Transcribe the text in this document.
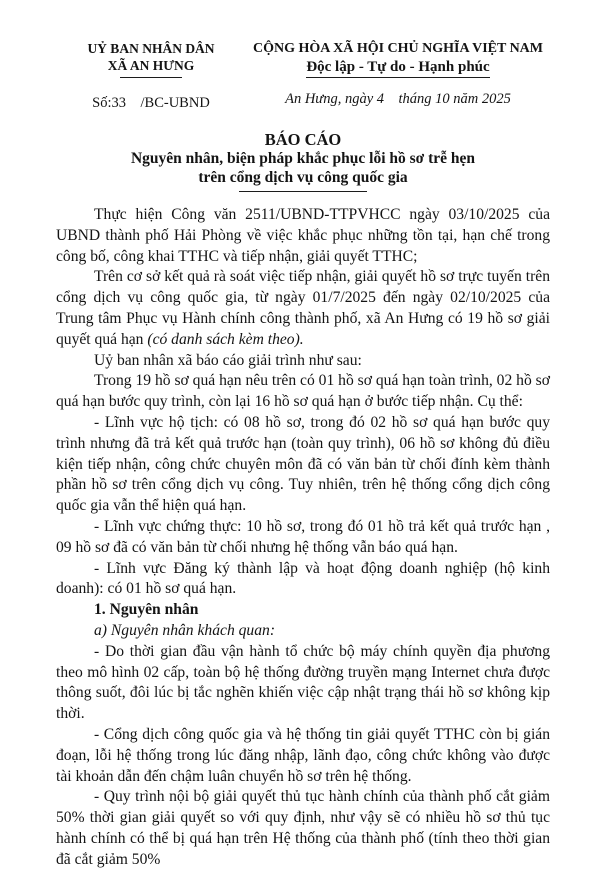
UỶ BAN NHÂN DÂN
XÃ AN HƯNG
Số:33    /BC-UBND
CỘNG HÒA XÃ HỘI CHỦ NGHĨA VIỆT NAM
Độc lập - Tự do - Hạnh phúc
An Hưng, ngày 4    tháng 10 năm 2025
BÁO CÁO
Nguyên nhân, biện pháp khắc phục lỗi hồ sơ trễ hẹn
trên cổng dịch vụ công quốc gia

Thực hiện Công văn 2511/UBND-TTPVHCC ngày 03/10/2025 của UBND thành phố Hải Phòng về việc khắc phục những tồn tại, hạn chế trong công bố, công khai TTHC và tiếp nhận, giải quyết TTHC;

Trên cơ sở kết quả rà soát việc tiếp nhận, giải quyết hồ sơ trực tuyến trên cổng dịch vụ công quốc gia, từ ngày 01/7/2025 đến ngày 02/10/2025 của Trung tâm Phục vụ Hành chính công thành phố, xã An Hưng có 19 hồ sơ giải quyết quá hạn (có danh sách kèm theo).

Uỷ ban nhân xã báo cáo giải trình như sau:

Trong 19 hồ sơ quá hạn nêu trên có 01 hồ sơ quá hạn toàn trình, 02 hồ sơ quá hạn bước quy trình, còn lại 16 hồ sơ quá hạn ở bước tiếp nhận. Cụ thể:

- Lĩnh vực hộ tịch: có 08 hồ sơ, trong đó 02 hồ sơ quá hạn bước quy trình nhưng đã trả kết quả trước hạn (toàn quy trình), 06 hồ sơ không đủ điều kiện tiếp nhận, công chức chuyên môn đã có văn bản từ chối đính kèm thành phần hồ sơ trên cổng dịch vụ công. Tuy nhiên, trên hệ thống cổng dịch công quốc gia vẫn thể hiện quá hạn.

- Lĩnh vực chứng thực: 10 hồ sơ, trong đó 01 hồ trả kết quả trước hạn , 09 hồ sơ đã có văn bản từ chối nhưng hệ thống vẫn báo quá hạn.

- Lĩnh vực Đăng ký thành lập và hoạt động doanh nghiệp (hộ kinh doanh): có 01 hồ sơ quá hạn.

1. Nguyên nhân

a) Nguyên nhân khách quan:

- Do thời gian đầu vận hành tổ chức bộ máy chính quyền địa phương theo mô hình 02 cấp, toàn bộ hệ thống đường truyền mạng Internet chưa được thông suốt, đôi lúc bị tắc nghẽn khiến việc cập nhật trạng thái hồ sơ không kịp thời.

- Cổng dịch công quốc gia và hệ thống tin giải quyết TTHC còn bị gián đoạn, lỗi hệ thống trong lúc đăng nhập, lãnh đạo, công chức không vào được tài khoản dẫn đến chậm luân chuyển hồ sơ trên hệ thống.

- Quy trình nội bộ giải quyết thủ tục hành chính của thành phố cắt giảm 50% thời gian giải quyết so với quy định, như vậy sẽ có nhiều hồ sơ thủ tục hành chính có thể bị quá hạn trên Hệ thống của thành phố (tính theo thời gian đã cắt giảm 50%
